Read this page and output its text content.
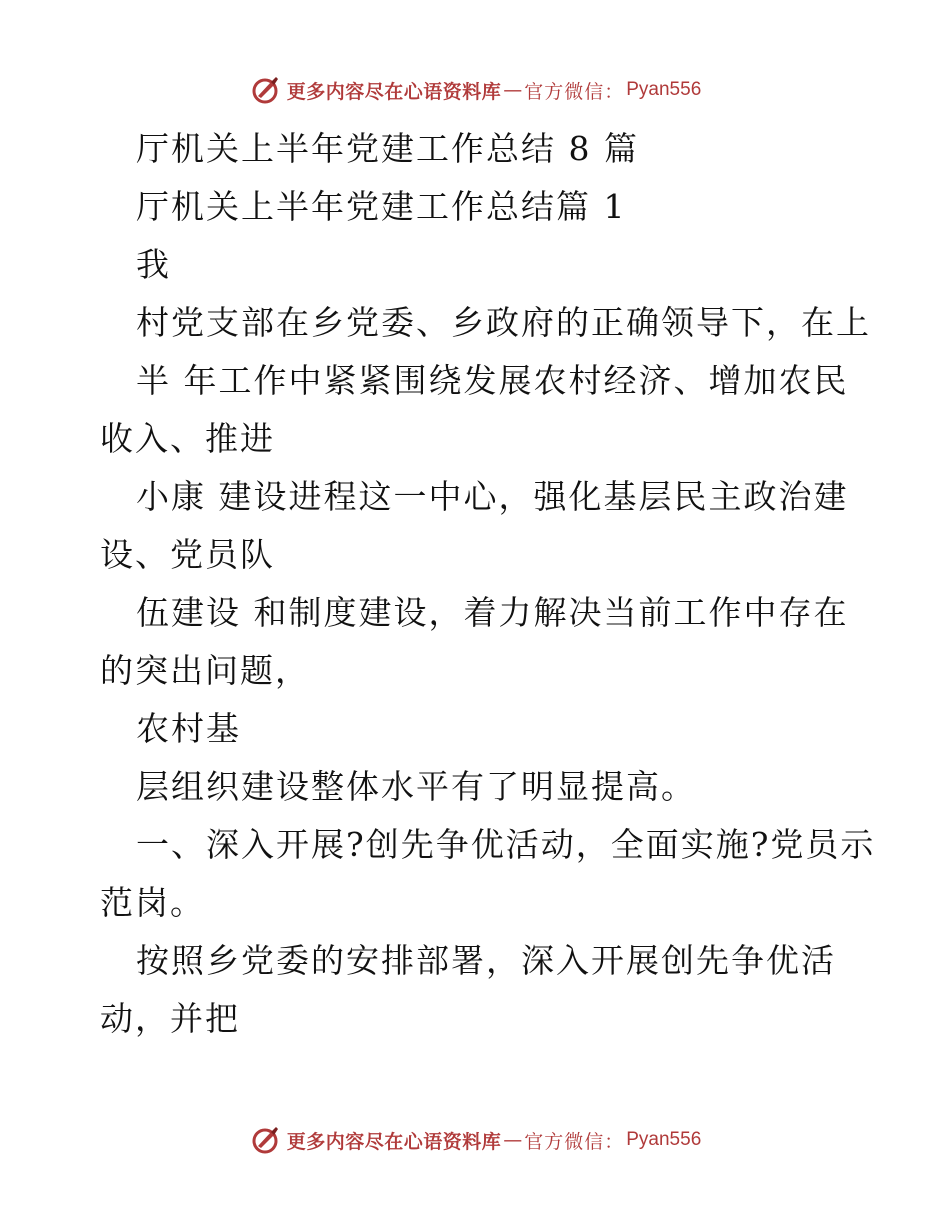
更多内容尽在心语资料库 — 官方微信： Pyan556
厅机关上半年党建工作总结 8 篇
厅机关上半年党建工作总结篇 1
我
村党支部在乡党委、乡政府的正确领导下，在上
半 年工作中紧紧围绕发展农村经济、增加农民
收入、推进
小康 建设进程这一中心，强化基层民主政治建
设、党员队
伍建设 和制度建设，着力解决当前工作中存在
的突出问题，
农村基
层组织建设整体水平有了明显提高。
一、深入开展?创先争优活动，全面实施?党员示
范岗。
按照乡党委的安排部署，深入开展创先争优活
动，并把
更多内容尽在心语资料库 — 官方微信： Pyan556
